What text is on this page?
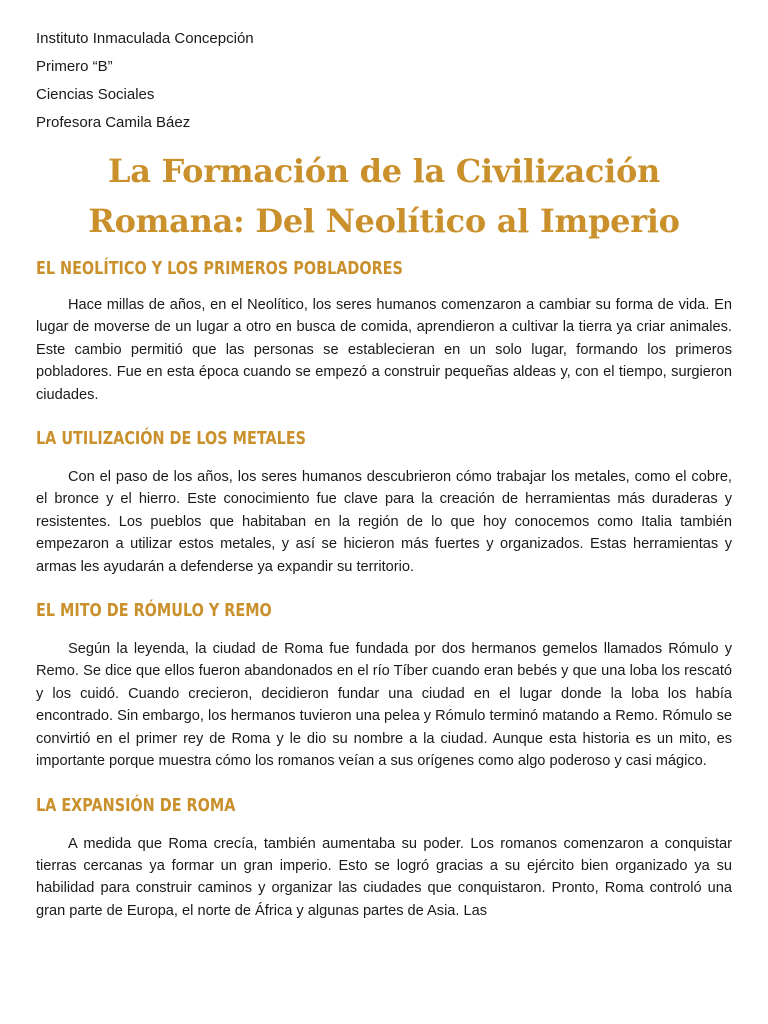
Instituto Inmaculada Concepción

Primero “B”

Ciencias Sociales

Profesora Camila Báez

La Formación de la Civilización
Romana: Del Neolítico al Imperio
EL NEOLÍTICO Y LOS PRIMEROS POBLADORES

Hace millas de años, en el Neolítico, los seres humanos comenzaron a cambiar su forma de vida. En lugar de moverse de un lugar a otro en busca de comida, aprendieron a cultivar la tierra ya criar animales. Este cambio permitió que las personas se establecieran en un solo lugar, formando los primeros pobladores. Fue en esta época cuando se empezó a construir pequeñas aldeas y, con el tiempo, surgieron ciudades.

LA UTILIZACIÓN DE LOS METALES

Con el paso de los años, los seres humanos descubrieron cómo trabajar los metales, como el cobre, el bronce y el hierro. Este conocimiento fue clave para la creación de herramientas más duraderas y resistentes. Los pueblos que habitaban en la región de lo que hoy conocemos como Italia también empezaron a utilizar estos metales, y así se hicieron más fuertes y organizados. Estas herramientas y armas les ayudarán a defenderse ya expandir su territorio.

EL MITO DE RÓMULO Y REMO

Según la leyenda, la ciudad de Roma fue fundada por dos hermanos gemelos llamados Rómulo y Remo. Se dice que ellos fueron abandonados en el río Tíber cuando eran bebés y que una loba los rescató y los cuidó. Cuando crecieron, decidieron fundar una ciudad en el lugar donde la loba los había encontrado. Sin embargo, los hermanos tuvieron una pelea y Rómulo terminó matando a Remo. Rómulo se convirtió en el primer rey de Roma y le dio su nombre a la ciudad. Aunque esta historia es un mito, es importante porque muestra cómo los romanos veían a sus orígenes como algo poderoso y casi mágico.

LA EXPANSIÓN DE ROMA

A medida que Roma crecía, también aumentaba su poder. Los romanos comenzaron a conquistar tierras cercanas ya formar un gran imperio. Esto se logró gracias a su ejército bien organizado ya su habilidad para construir caminos y organizar las ciudades que conquistaron. Pronto, Roma controló una gran parte de Europa, el norte de África y algunas partes de Asia. Las
